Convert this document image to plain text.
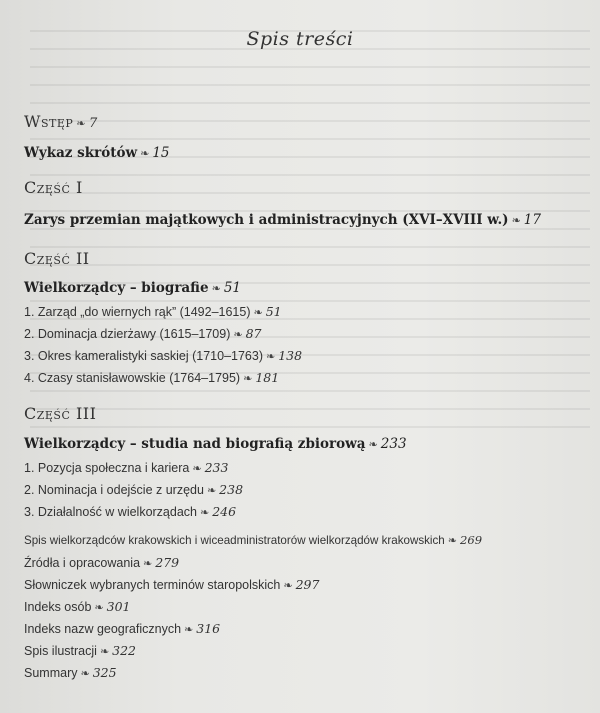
Spis treści
Wstęp ❧ 7
Wykaz skrótów ❧ 15
Część I
Zarys przemian majątkowych i administracyjnych (XVI–XVIII w.) ❧ 17
Część II
Wielkorządcy – biografie ❧ 51
1. Zarząd „do wiernych rąk” (1492–1615) ❧ 51
2. Dominacja dzierżawy (1615–1709) ❧ 87
3. Okres kameralistyki saskiej (1710–1763) ❧ 138
4. Czasy stanisławowskie (1764–1795) ❧ 181
Część III
Wielkorządcy – studia nad biografią zbiorową ❧ 233
1. Pozycja społeczna i kariera ❧ 233
2. Nominacja i odejście z urzędu ❧ 238
3. Działalność w wielkorządach ❧ 246
Spis wielkorządców krakowskich i wiceadministratorów wielkorządów krakowskich ❧ 269
Źródła i opracowania ❧ 279
Słowniczek wybranych terminów staropolskich ❧ 297
Indeks osób ❧ 301
Indeks nazw geograficznych ❧ 316
Spis ilustracji ❧ 322
Summary ❧ 325
